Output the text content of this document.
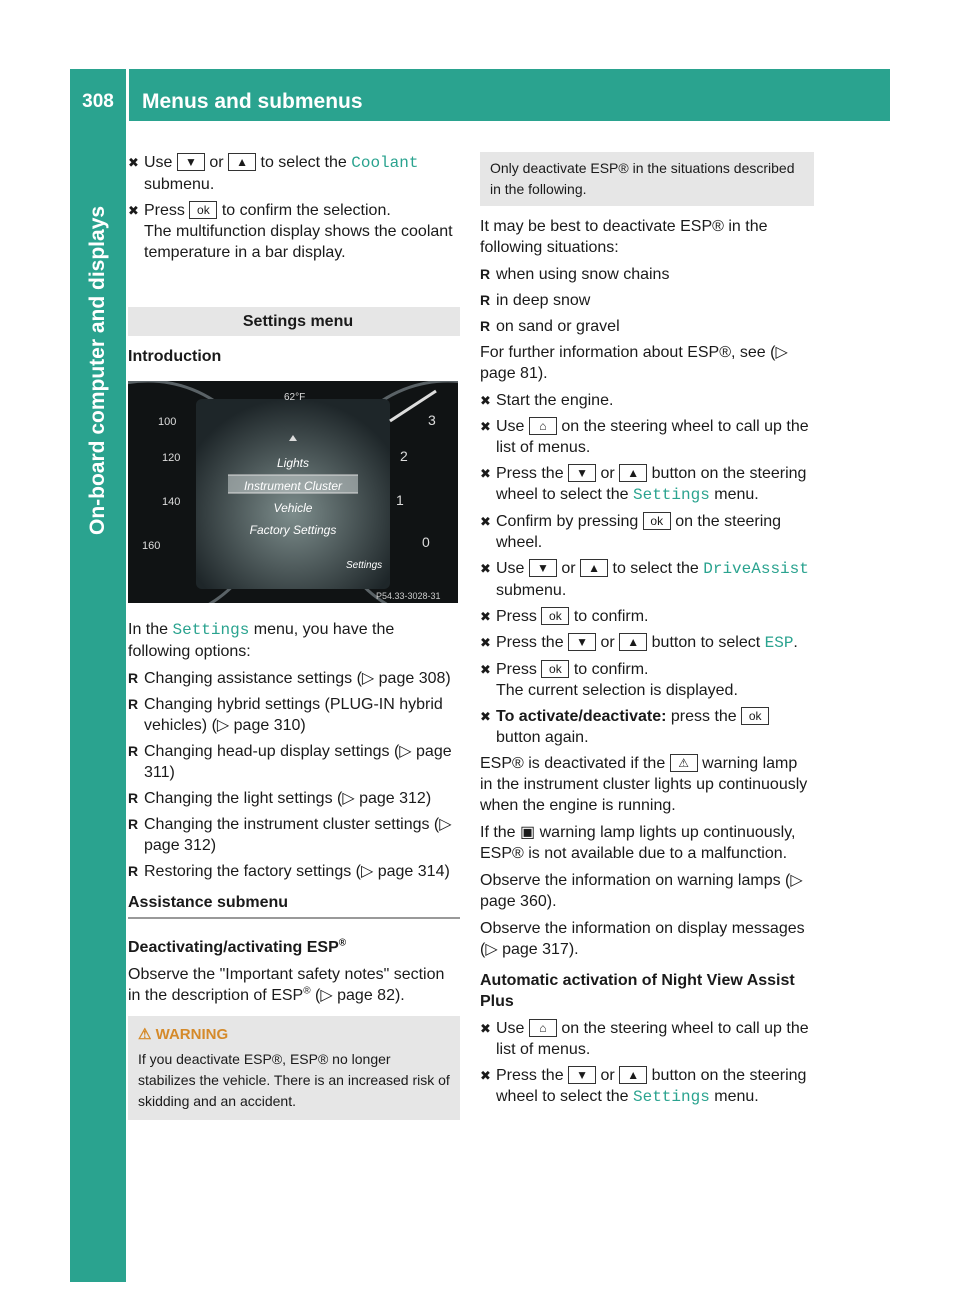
308	Menus and submenus
On-board computer and displays
✖ Use ▼ or ▲ to select the Coolant submenu.
✖ Press ok to confirm the selection.
The multifunction display shows the coolant temperature in a bar display.
Settings menu
Introduction
100
120
140
160
3
2
1
0
62°F
Lights
Instrument Cluster
Vehicle
Factory Settings
Settings
P54.33-3028-31

In the Settings menu, you have the following options:

R Changing assistance settings (▷ page 308)
R Changing hybrid settings (PLUG-IN hybrid vehicles) (▷ page 310)
R Changing head-up display settings (▷ page 311)
R Changing the light settings (▷ page 312)
R Changing the instrument cluster settings (▷ page 312)
R Restoring the factory settings (▷ page 314)
Assistance submenu
Deactivating/activating ESP®

Observe the "Important safety notes" section in the description of ESP® (▷ page 82).

⚠ WARNING
If you deactivate ESP®, ESP® no longer stabilizes the vehicle. There is an increased risk of skidding and an accident.
Only deactivate ESP® in the situations described in the following.

It may be best to deactivate ESP® in the following situations:

R when using snow chains
R in deep snow
R on sand or gravel

For further information about ESP®, see (▷ page 81).

✖ Start the engine.
✖ Use ⌂ on the steering wheel to call up the list of menus.
✖ Press the ▼ or ▲ button on the steering wheel to select the Settings menu.
✖ Confirm by pressing ok on the steering wheel.
✖ Use ▼ or ▲ to select the DriveAssist submenu.
✖ Press ok to confirm.
✖ Press the ▼ or ▲ button to select ESP.
✖ Press ok to confirm.
The current selection is displayed.
✖ To activate/deactivate: press the ok button again.

ESP® is deactivated if the ⚠ warning lamp in the instrument cluster lights up continuously when the engine is running.

If the ▣ warning lamp lights up continuously, ESP® is not available due to a malfunction.

Observe the information on warning lamps (▷ page 360).

Observe the information on display messages (▷ page 317).

Automatic activation of Night View Assist Plus
✖ Use ⌂ on the steering wheel to call up the list of menus.
✖ Press the ▼ or ▲ button on the steering wheel to select the Settings menu.
